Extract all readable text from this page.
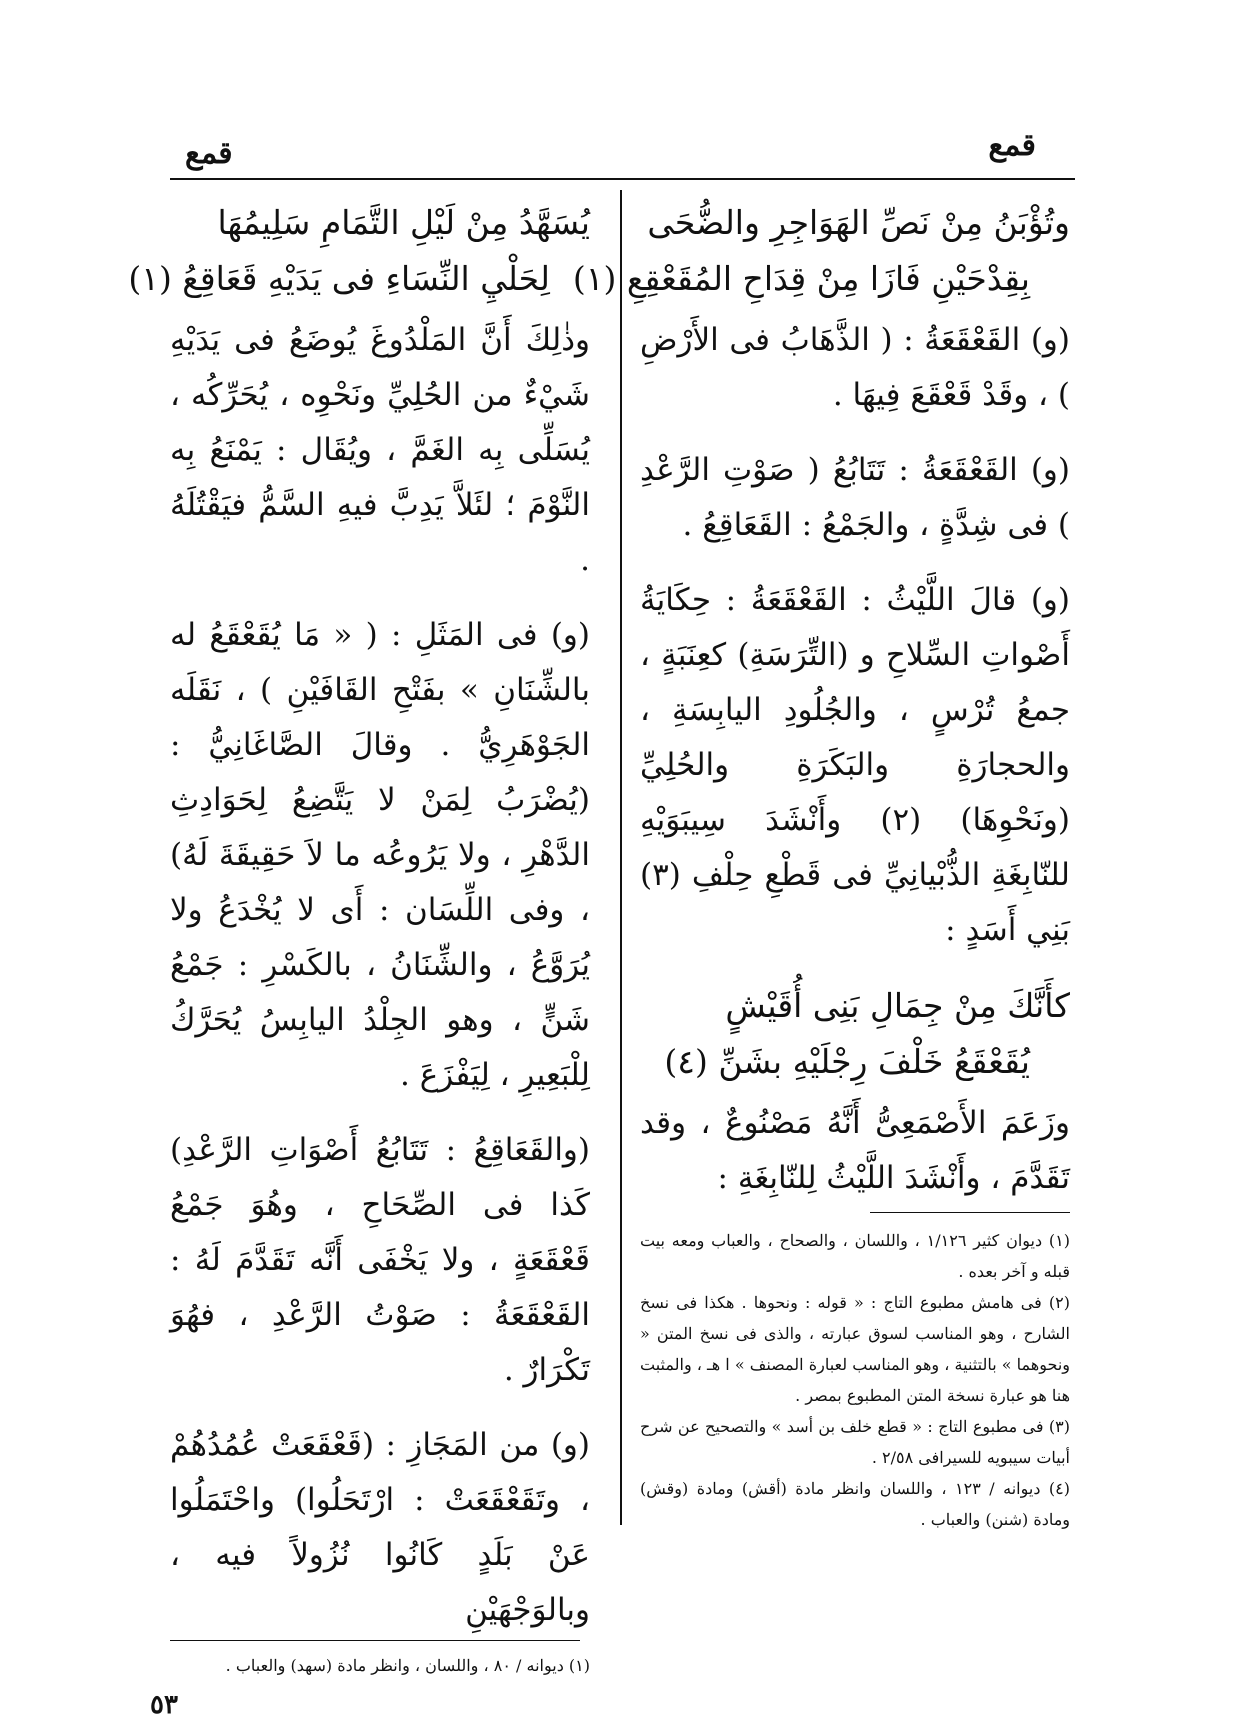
قمع	قمع
وتُؤْبَنُ مِنْ نَصِّ الهَوَاجِرِ والضُّحَى
بِقِدْحَيْنِ فَازَا مِنْ قِدَاحِ المُقَعْقِعِ (١)

(و) القَعْقَعَةُ : ( الذَّهَابُ فى الأَرْضِ ) ، وقَدْ قَعْقَعَ فِيهَا .

(و) القَعْقَعَةُ : تَتَابُعُ ( صَوْتِ الرَّعْدِ ) فى شِدَّةٍ ، والجَمْعُ : القَعَاقِعُ .

(و) قالَ اللَّيْثُ : القَعْقَعَةُ : حِكَايَةُ أَصْواتِ السِّلاحِ و (التِّرَسَةِ) كعِنَبَةٍ ، جمعُ تُرْسٍ ، والجُلُودِ اليابِسَةِ ، والحجارَةِ والبَكَرَةِ والحُلِيِّ (ونَحْوِهَا) (٢) وأَنْشَدَ سِيبَوَيْهِ للنّابِغَةِ الذُّبْيانِيِّ فى قَطْعِ حِلْفِ (٣) بَنِي أَسَدٍ :

كأَنَّكَ مِنْ جِمَالِ بَنِى أُقَيْشٍ
يُقَعْقَعُ خَلْفَ رِجْلَيْهِ بشَنِّ (٤)

وزَعَمَ الأَصْمَعِىُّ أَنَّهُ مَصْنُوعٌ ، وقد تَقَدَّمَ ، وأَنْشَدَ اللَّيْثُ لِلنّابِغَةِ :

(١) ديوان كثير ١/١٢٦ ، واللسان ، والصحاح ، والعباب ومعه بيت قبله و آخر بعده .

(٢) فى هامش مطبوع التاج : « قوله : ونحوها . هكذا فى نسخ الشارح ، وهو المناسب لسوق عبارته ، والذى فى نسخ المتن « ونحوهما » بالتثنية ، وهو المناسب لعبارة المصنف » ا هـ ، والمثبت هنا هو عبارة نسخة المتن المطبوع بمصر .

(٣) فى مطبوع التاج : « قطع خلف بن أسد » والتصحيح عن شرح أبيات سيبويه للسيرافى ٢/٥٨ .

(٤) ديوانه / ١٢٣ ، واللسان وانظر مادة (أقش) ومادة (وقش) ومادة (شنن) والعباب .

يُسَهَّدُ مِنْ لَيْلِ التَّمَامِ سَلِيمُهَا
لِحَلْيِ النِّسَاءِ فى يَدَيْهِ قَعَاقِعُ (١)

وذٰلِكَ أَنَّ المَلْدُوغَ يُوضَعُ فى يَدَيْهِ شَيْءٌ من الحُلِيِّ ونَحْوِه ، يُحَرِّكُه ، يُسَلِّى بِه الغَمَّ ، ويُقَال : يَمْنَعُ بِه النَّوْمَ ؛ لئَلاَّ يَدِبَّ فيهِ السَّمُّ فيَقْتُلَهُ .

(و) فى المَثَلِ : ( « مَا يُقَعْقَعُ له بالشِّنَانِ » بفَتْحِ القَافَيْنِ ) ، نَقَلَه الجَوْهَرِيُّ . وقالَ الصَّاغَانِيُّ : (يُضْرَبُ لِمَنْ لا يَتَّضِعُ لِحَوَادِثِ الدَّهْرِ ، ولا يَرُوعُه ما لاَ حَقِيقَةَ لَهُ) ، وفى اللِّسَان : أَى لا يُخْدَعُ ولا يُرَوَّعُ ، والشِّنَانُ ، بالكَسْرِ : جَمْعُ شَنٍّ ، وهو الجِلْدُ اليابِسُ يُحَرَّكُ لِلْبَعِيرِ ، لِيَفْزَعَ .

(والقَعَاقِعُ : تَتَابُعُ أَصْوَاتِ الرَّعْدِ) كَذا فى الصِّحَاحِ ، وهُوَ جَمْعُ قَعْقَعَةٍ ، ولا يَخْفَى أَنَّه تَقَدَّمَ لَهُ : القَعْقَعَةُ : صَوْتُ الرَّعْدِ ، فهُوَ تَكْرَارٌ .

(و) من المَجَازِ : (قَعْقَعَتْ عُمُدُهُمْ ، وتَقَعْقَعَتْ : ارْتَحَلُوا) واحْتَمَلُوا عَنْ بَلَدٍ كَانُوا نُزُولاً فيه ، وبالوَجْهَيْنِ

(١) ديوانه / ٨٠ ، واللسان ، وانظر مادة (سهد) والعباب .

٥٣
